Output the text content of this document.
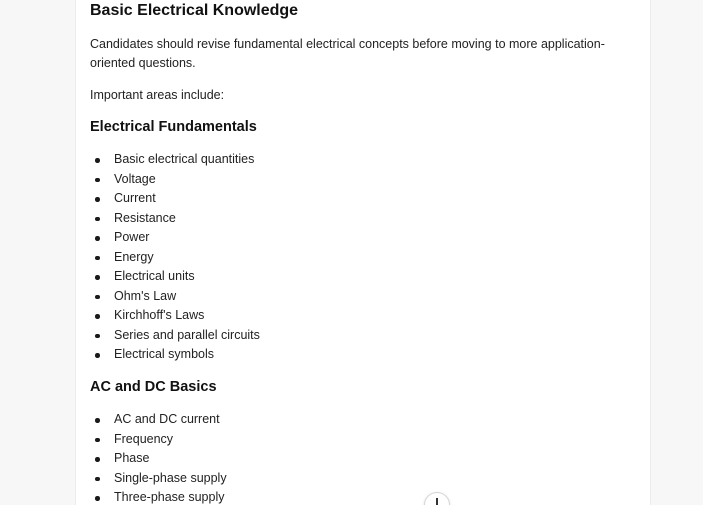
Basic Electrical Knowledge

Candidates should revise fundamental electrical concepts before moving to more application-oriented questions.

Important areas include:

Electrical Fundamentals
Basic electrical quantities
Voltage
Current
Resistance
Power
Energy
Electrical units
Ohm's Law
Kirchhoff's Laws
Series and parallel circuits
Electrical symbols
AC and DC Basics
AC and DC current
Frequency
Phase
Single-phase supply
Three-phase supply
